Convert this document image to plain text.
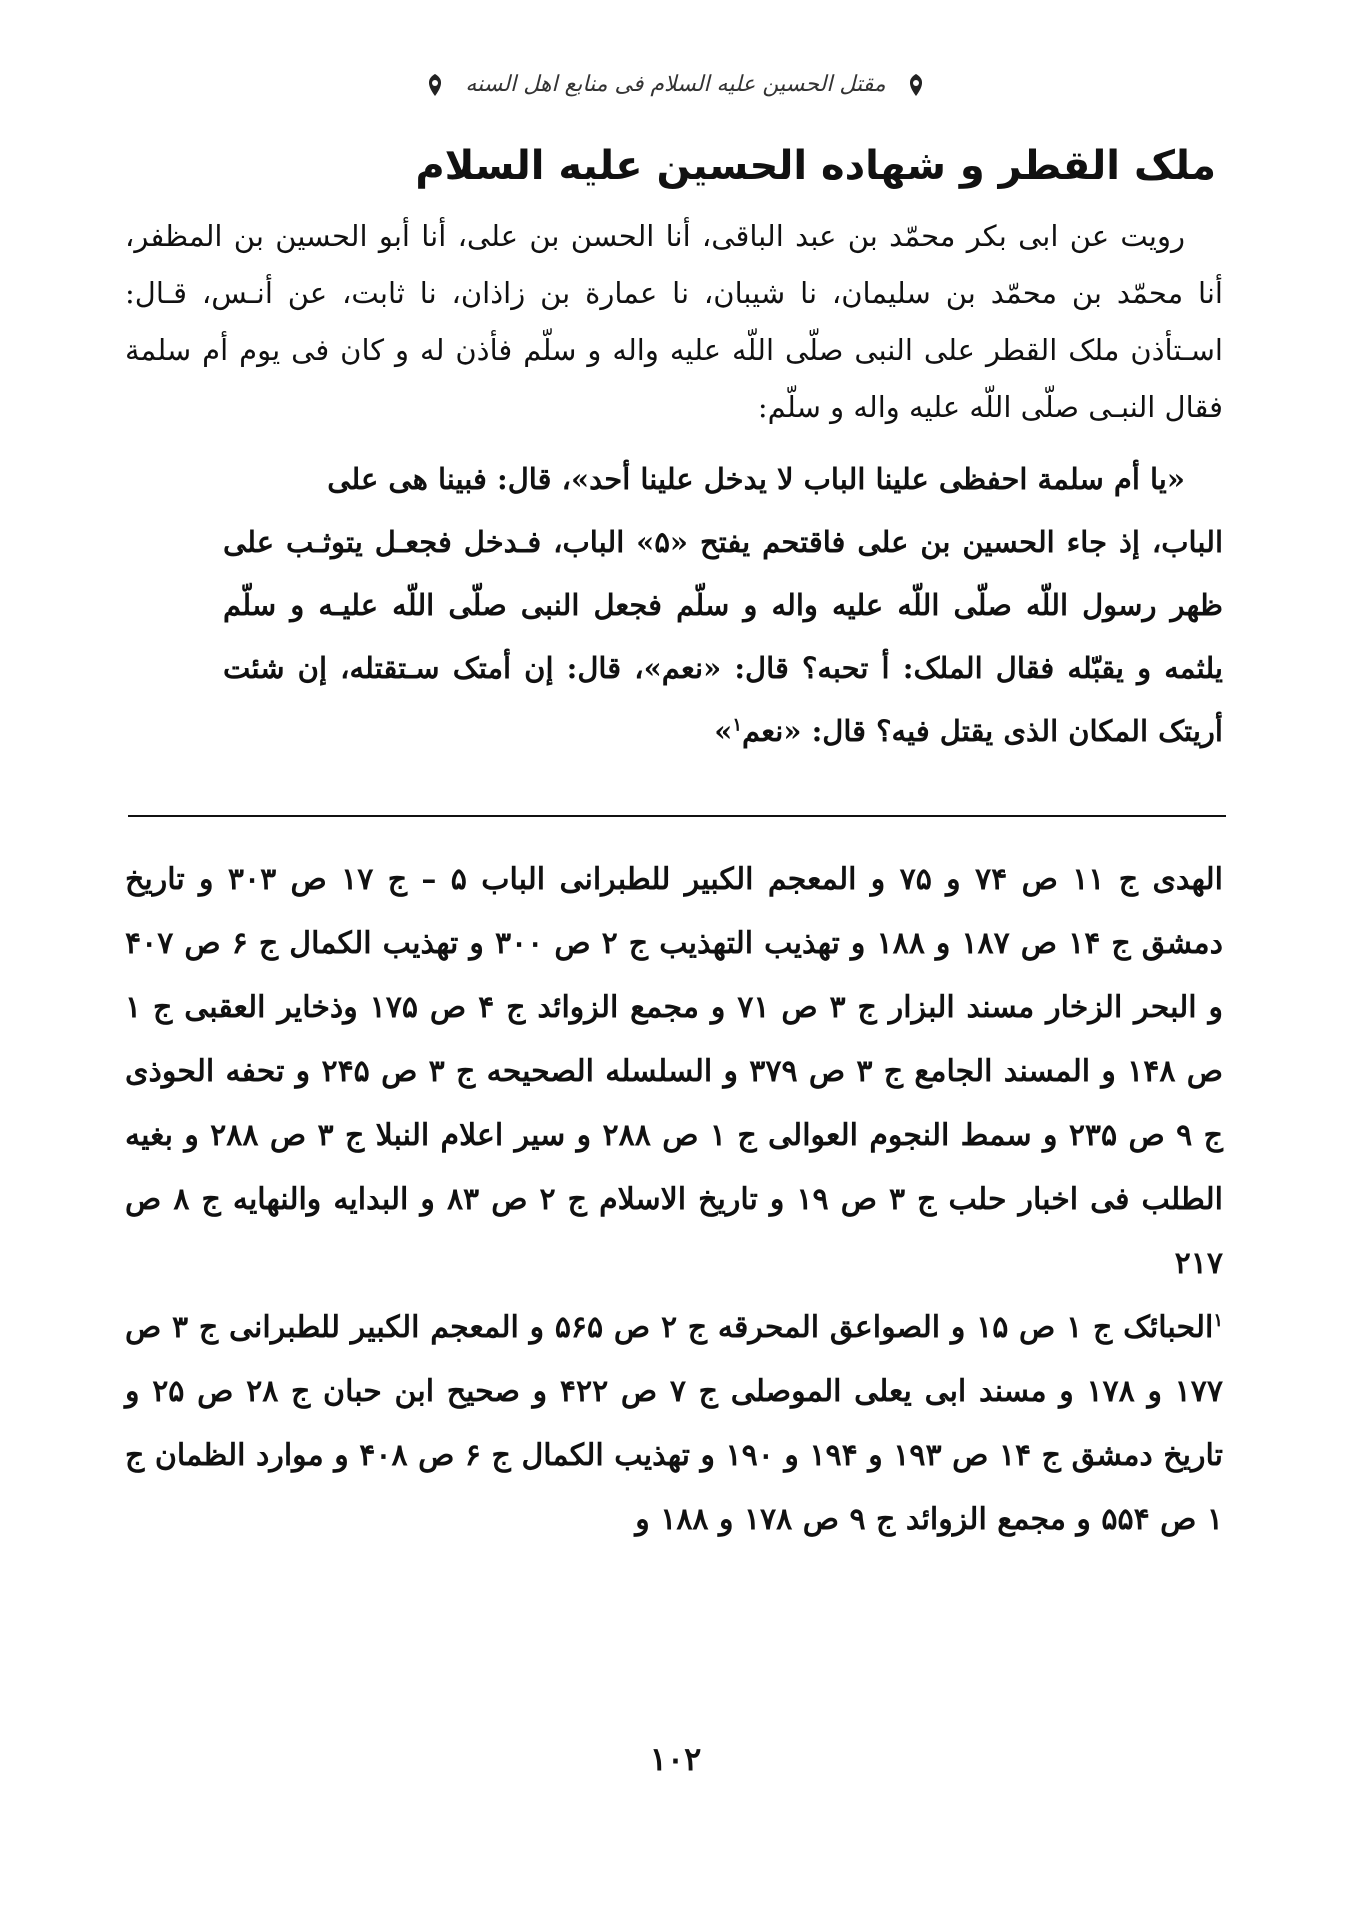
مقتل الحسین علیه السلام فی منابع اهل السنه
ملک القطر و شهاده الحسین علیه السلام

رويت عن ابى بكر محمّد بن عبد الباقى، أنا الحسن بن على، أنا أبو الحسين بن المظفر، أنا محمّد بن محمّد بن سليمان، نا شيبان، نا عمارة بن زاذان، نا ثابت، عن أنـس، قـال: اسـتأذن ملک القطر على النبى صلّى اللّه عليه واله و سلّم فأذن له و كان فى يوم أم سلمة فقال النبـى صلّى اللّه عليه واله و سلّم:

«يا أم سلمة احفظى علينا الباب لا يدخل علينا أحد»، قال: فبينا هى على
الباب، إذ جاء الحسين بن على فاقتحم يفتح «۵» الباب، فـدخل فجعـل يتوثـب على ظهر رسول اللّه صلّى اللّه عليه واله و سلّم فجعل النبى صلّى اللّه عليـه و سلّم يلثمه و يقبّله فقال الملک: أ تحبه؟ قال: «نعم»، قال: إن أمتک سـتقتله، إن شئت أريتک المكان الذى يقتل فيه؟ قال: «نعم$^۱$»
الهدى ج ١١ ص ٧۴ و ٧۵ و المعجم الكبير للطبرانى الباب ۵ – ج ١٧ ص ٣٠٣ و تاريخ دمشق ج ١۴ ص ١٨٧ و ١٨٨ و تهذيب التهذيب ج ٢ ص ٣٠٠ و تهذيب الكمال ج ۶ ص ۴٠٧ و البحر الزخار مسند البزار ج ٣ ص ٧١ و مجمع الزوائد ج ۴ ص ١٧۵ وذخاير العقبى ج ١ ص ١۴٨ و المسند الجامع ج ٣ ص ٣٧٩ و السلسله الصحيحه ج ٣ ص ٢۴۵ و تحفه الحوذى ج ٩ ص ٢٣۵ و سمط النجوم العوالى ج ١ ص ٢٨٨ و سير اعلام النبلا ج ٣ ص ٢٨٨ و بغيه الطلب فى اخبار حلب ج ٣ ص ١٩ و تاريخ الاسلام ج ٢ ص ٨٣ و البدايه والنهايه ج ٨ ص ٢١٧
$^١$الحبائک ج ١ ص ١۵ و الصواعق المحرقه ج ٢ ص ۵۶۵ و المعجم الكبير للطبرانى ج ٣ ص ١٧٧ و ١٧٨ و مسند ابى يعلى الموصلى ج ٧ ص ۴٢٢ و صحيح ابن حبان ج ٢٨ ص ٢۵ و تاريخ دمشق ج ١۴ ص ١٩٣ و ١٩۴ و ١٩٠ و تهذيب الكمال ج ۶ ص ۴٠٨ و موارد الظمان ج ١ ص ۵۵۴ و مجمع الزوائد ج ٩ ص ١٧٨ و ١٨٨ و
١٠٢
